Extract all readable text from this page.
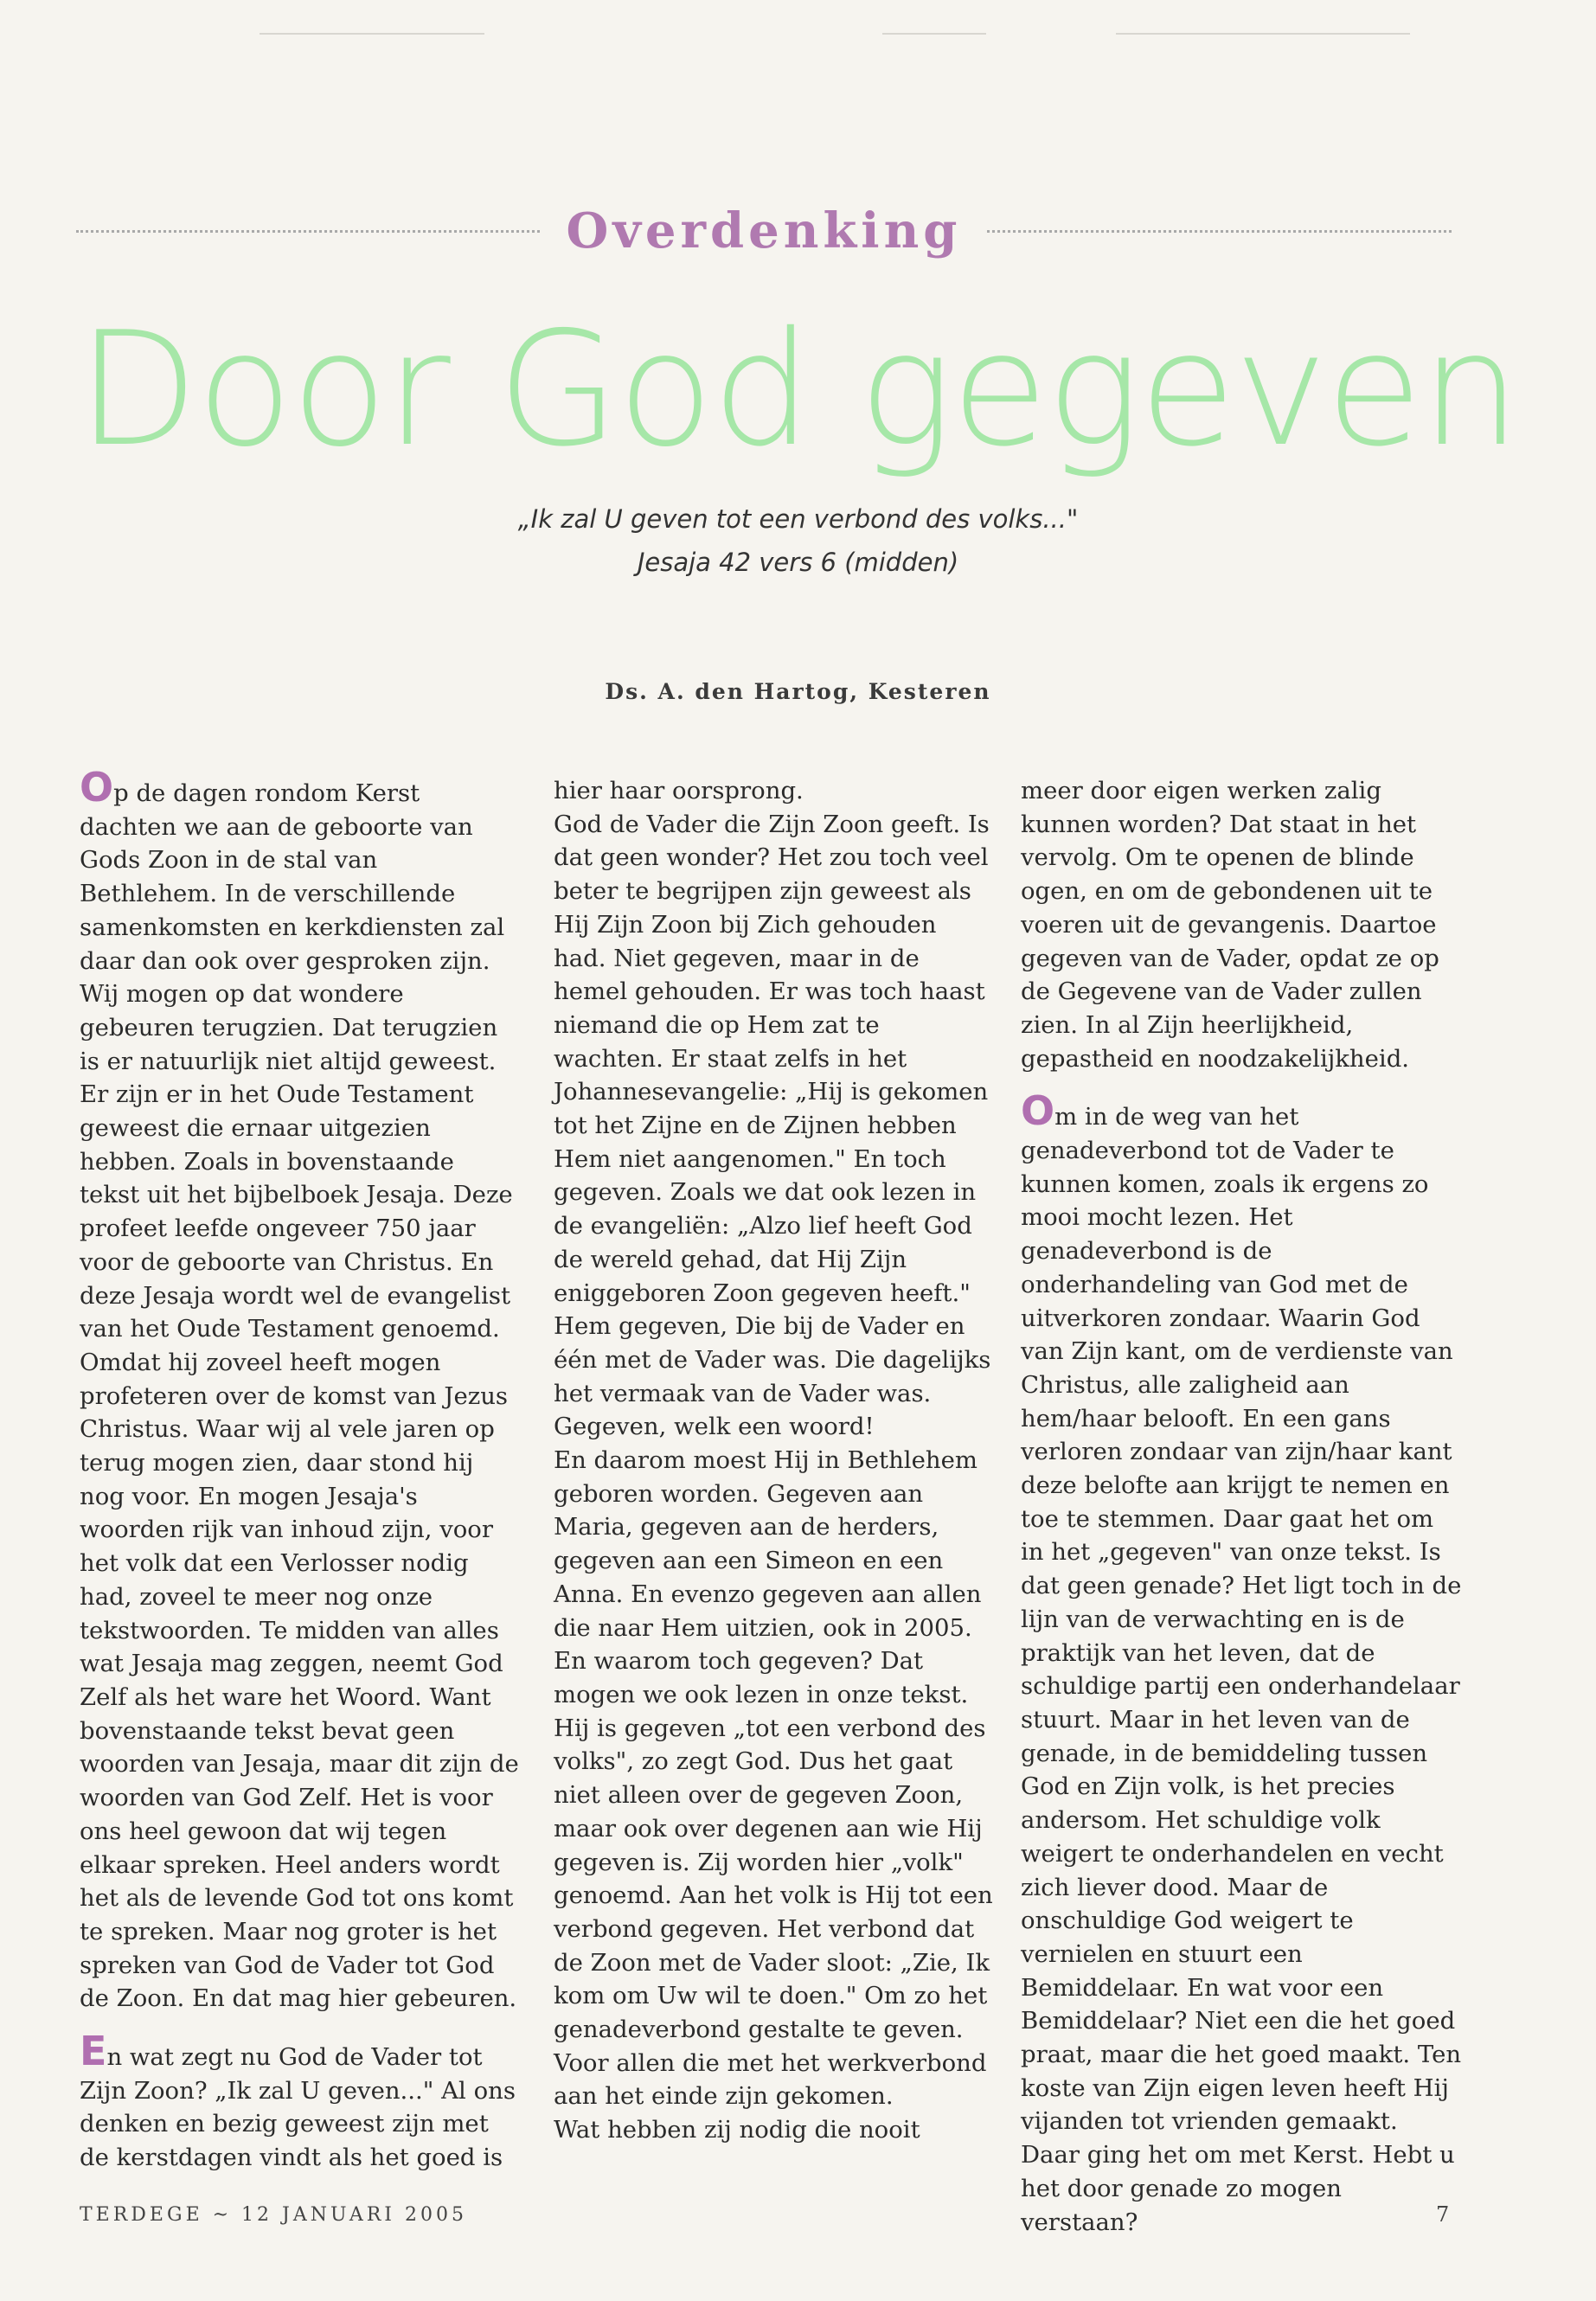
Overdenking
Door God gegeven
„Ik zal U geven tot een verbond des volks..."
Jesaja 42 vers 6 (midden)
Ds. A. den Hartog, Kesteren

Op de dagen rondom Kerst dachten we aan de geboorte van Gods Zoon in de stal van Bethlehem. In de verschillende samenkomsten en kerkdiensten zal daar dan ook over gesproken zijn. Wij mogen op dat wondere gebeuren terugzien. Dat terugzien is er natuurlijk niet altijd geweest. Er zijn er in het Oude Testament geweest die ernaar uitgezien hebben. Zoals in bovenstaande tekst uit het bijbelboek Jesaja. Deze profeet leefde ongeveer 750 jaar voor de geboorte van Christus. En deze Jesaja wordt wel de evangelist van het Oude Testament genoemd. Omdat hij zoveel heeft mogen profeteren over de komst van Jezus Christus. Waar wij al vele jaren op terug mogen zien, daar stond hij nog voor. En mogen Jesaja's woorden rijk van inhoud zijn, voor het volk dat een Verlosser nodig had, zoveel te meer nog onze tekstwoorden. Te midden van alles wat Jesaja mag zeggen, neemt God Zelf als het ware het Woord. Want bovenstaande tekst bevat geen woorden van Jesaja, maar dit zijn de woorden van God Zelf. Het is voor ons heel gewoon dat wij tegen elkaar spreken. Heel anders wordt het als de levende God tot ons komt te spreken. Maar nog groter is het spreken van God de Vader tot God de Zoon. En dat mag hier gebeuren.

En wat zegt nu God de Vader tot Zijn Zoon? „Ik zal U geven..." Al ons denken en bezig geweest zijn met de kerstdagen vindt als het goed is

hier haar oorsprong.

God de Vader die Zijn Zoon geeft. Is dat geen wonder? Het zou toch veel beter te begrijpen zijn geweest als Hij Zijn Zoon bij Zich gehouden had. Niet gegeven, maar in de hemel gehouden. Er was toch haast niemand die op Hem zat te wachten. Er staat zelfs in het Johannesevangelie: „Hij is gekomen tot het Zijne en de Zijnen hebben Hem niet aangenomen." En toch gegeven. Zoals we dat ook lezen in de evangeliën: „Alzo lief heeft God de wereld gehad, dat Hij Zijn eniggeboren Zoon gegeven heeft." Hem gegeven, Die bij de Vader en één met de Vader was. Die dagelijks het vermaak van de Vader was. Gegeven, welk een woord!

En daarom moest Hij in Bethlehem geboren worden. Gegeven aan Maria, gegeven aan de herders, gegeven aan een Simeon en een Anna. En evenzo gegeven aan allen die naar Hem uitzien, ook in 2005.

En waarom toch gegeven? Dat mogen we ook lezen in onze tekst. Hij is gegeven „tot een verbond des volks", zo zegt God. Dus het gaat niet alleen over de gegeven Zoon, maar ook over degenen aan wie Hij gegeven is. Zij worden hier „volk" genoemd. Aan het volk is Hij tot een verbond gegeven. Het verbond dat de Zoon met de Vader sloot: „Zie, Ik kom om Uw wil te doen." Om zo het genadeverbond gestalte te geven. Voor allen die met het werkverbond aan het einde zijn gekomen.

Wat hebben zij nodig die nooit

meer door eigen werken zalig kunnen worden? Dat staat in het vervolg. Om te openen de blinde ogen, en om de gebondenen uit te voeren uit de gevangenis. Daartoe gegeven van de Vader, opdat ze op de Gegevene van de Vader zullen zien. In al Zijn heerlijkheid, gepastheid en noodzakelijkheid.

Om in de weg van het genadeverbond tot de Vader te kunnen komen, zoals ik ergens zo mooi mocht lezen. Het genadeverbond is de onderhandeling van God met de uitverkoren zondaar. Waarin God van Zijn kant, om de verdienste van Christus, alle zaligheid aan hem/haar belooft. En een gans verloren zondaar van zijn/haar kant deze belofte aan krijgt te nemen en toe te stemmen. Daar gaat het om in het „gegeven" van onze tekst. Is dat geen genade? Het ligt toch in de lijn van de verwachting en is de praktijk van het leven, dat de schuldige partij een onderhandelaar stuurt. Maar in het leven van de genade, in de bemiddeling tussen God en Zijn volk, is het precies andersom. Het schuldige volk weigert te onderhandelen en vecht zich liever dood. Maar de onschuldige God weigert te vernielen en stuurt een Bemiddelaar. En wat voor een Bemiddelaar? Niet een die het goed praat, maar die het goed maakt. Ten koste van Zijn eigen leven heeft Hij vijanden tot vrienden gemaakt. Daar ging het om met Kerst. Hebt u het door genade zo mogen verstaan?

TERDEGE ~ 12 JANUARI 2005	7
